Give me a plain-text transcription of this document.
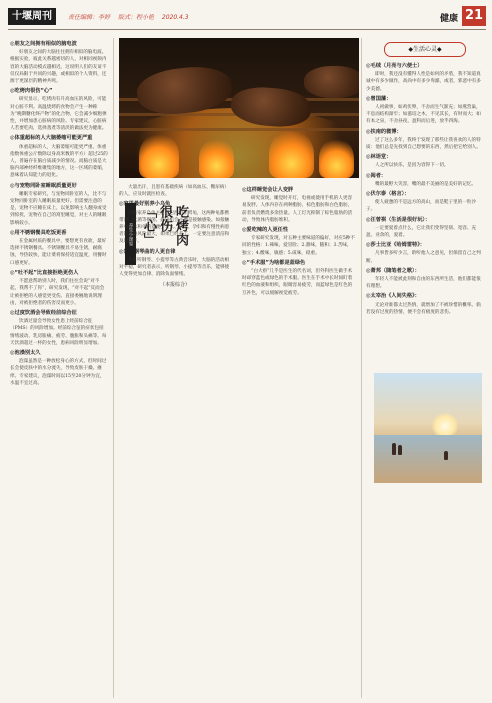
十堰周刊	责任编辑：李婷 版式：程小艳 2020.4.3	健康 21
◎朋友之间拥有相似的脑电波
好朋友之间的大脑往往拥有相似的脑电波。根据实验，彼此关系越密切的人，对相同视频内容的大脑活动模式越相近。这说明人们的友谊不仅仅局限于共同的兴趣，或相似的个人资料，还源于更深层的精神共鸣。
◎吃烤肉很伤“心”
研究显示，吃烤肉有升高血压的风险，可能对心脏不利。高温烧烤的食物会产生一种称为“晚期糖化终产物”的化合物，它会减少细胞弹性，并增加患心脏病的风险。专家建议，心脏病人若要吃肉，选择蒸煮等清淡的做法更为健康。
◎体重超标的人大脑萎缩可能更严重
体重超标的人，大脑萎缩可能更严重。体重指数体重公斤数除以身高米数的平方）超过25的人，普遍存在脑白质减少的情况。而脑白质是大脑内部神经纤维聚集的地方，这一区域的萎缩，意味着认知能力的退化。
◎与宠物同卧室睡眠质量更好
睡眠专家研究，与宠物同卧室的人，比不与宠物同卧室的人睡眠质量更好。但需要注意的是，宠物不应睡在床上，以免影响主人翻身或受到惊扰，宠物在自己的窝里睡觉，对主人的睡眠影响较小。
◎用不锈钢餐具吃饭更香
在金属材质的餐具中，要想更有食欲，最好选择不锈钢餐具。不锈钢餐具不易生锈，耐腐蚀，导热较快，能让菜肴保持适宜温度，用餐时口感更好。
◎“吐不起”比直接拒绝更伤人
不愿意帮助别人时，我们往往会说“对不起，我帮不了你”，研究发现，“对不起”反而会让被拒绝的人感觉更受伤。直接委婉地说明理由，对被拒绝者的伤害反而更小。
◎过度饮酒会导致经前综合征
饮酒过量会导致女性患上经前综合征（PMS）的风险增加。经前综合征的症状包括情绪波动、乳房胀痛、疲劳、腹胀和头痛等。每天饮酒超过一杯的女性，患病风险明显增加。
◎泡澡别太久
泡澡虽然是一种放松身心的方式，但时间过长会使皮肤中的水分流失，导致皮肤干燥、瘙痒。专家建议，泡澡时间以15至20分钟为宜，水温不宜过高。
养生小课堂	吃烤肉很伤「心」
大量出汗，且患有基础疾病（如高血压、糖尿病）的人，应及时就医检查。
◎家里最好别养小乌龟
目前家养乌龟主要是巴西龟和鳄龟，这两种龟都携带沙门氏菌等细菌，感染机会主要是接触感染。如接触养龟的水和龟的粪便，老人、孩子、孕妇和有慢性病患者的感染风险最大，如果已经养了，一定要注意清洁和及时洗手。
◎常听钢琴曲的人更自律
人在听钢琴、小提琴等古典音乐时，大脑的活动相对平稳，研究者表示，听钢琴、小提琴等音乐，能够使人变得更加自律、消除负面情绪。
（本报综合）
◎这样睡觉会让人变胖
研究发现，睡觉时开灯，电视或使用手机的人更容易发胖。人体内存在两种脂肪，棕色脂肪和白色脂肪，前者负责燃烧多余热量。人工灯光抑制了棕色脂肪的活动，导致体内脂肪堆积。
◎爱吃辣的人更任性
专家研究发现，对五种主要味道的偏好，对应5种不同的性格：1.辣味，爱冒险；2.甜味，随和；3.苦味，独立；4.酸味，敏感；5.咸味，稳重。
◎“手术服”为啥都是蓝绿色
“白大褂”几乎是医生的代名词，但外科医生做手术时却穿蓝色或绿色的手术服。医生在手术中长时间盯着红色的血液和组织，眼睛容易疲劳，而蓝绿色是红色的互补色，可以缓解视觉疲劳。
◆生活心灵◆
◎毛绒（月亮与六便士）
即时，我还没有懂得人性是如何的矛盾，我不知道真诚中有多少做作，高尚中有多少卑鄙，或者，邪恶中有多少美德。
◎曾国藩：
人初做事，如鸡伏卵，不舍而生气渐充；如燕营巢，不息而结构渐牢；如滋培之木，不见其长，有时而大；如有本之泉，不舍昼夜，盈科而后进，放乎四海。
◎扶南的微博：
过了这么多年，我终于发现了那些让我喜欢的人的特质：他们总是先找到自己想要的东西，然后把它给别人。
◎林语堂：
人之所以快乐，是因为容得下一切。
◎阅者：
嘴的最野大笑容，嘴的最不美丽的是美好的记忆。
◎伏尔泰（格言）：
使人疲惫的不是远方的高山，而是鞋子里的一粒沙子。
◎汪曾祺（生活是很好玩）：
一定要爱着点什么，它让我们变得坚韧、宽容、充盈。业余的，爱着。
◎莎士比亚《哈姆雷特》：
凡事皆多听少言，聆听他人之意见，但保留自己之判断。
◎萧邦（随笔者之歌）：
年轻人不能被此刻和自由的东西所生活，他们都能很有理想。
◎太宰治《人间失格》：
无论对谁都太过热情，就增加了不被珍惜的概率。倘若没有过度的热情，便不会有极度的悲伤。
